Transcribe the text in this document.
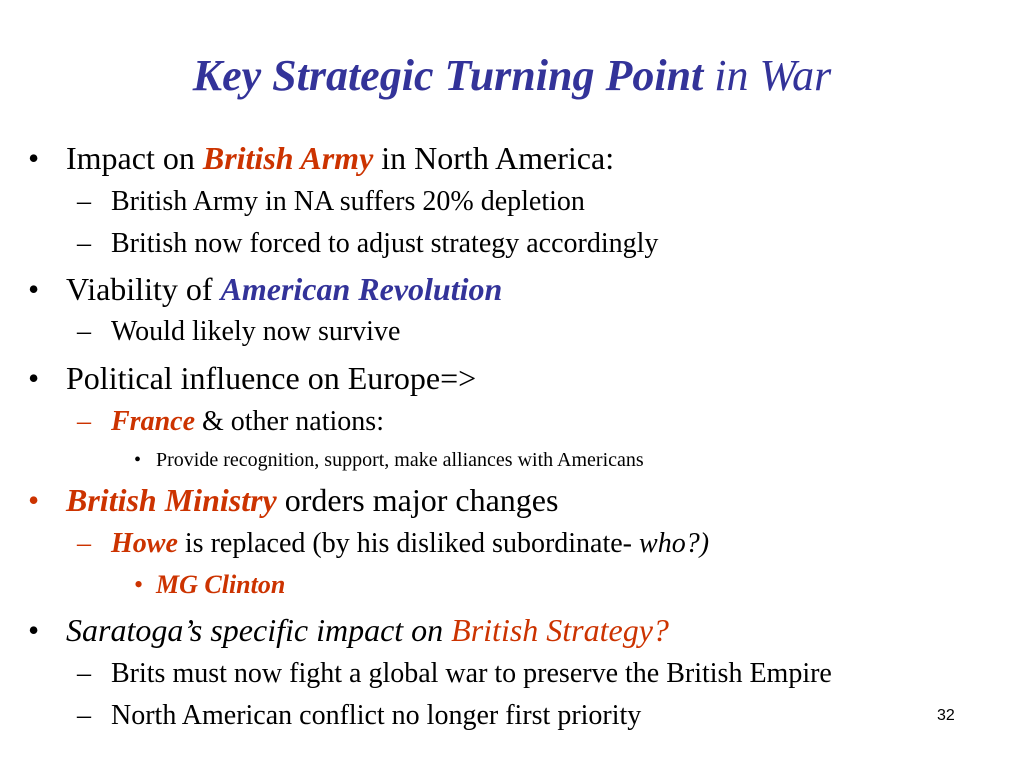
Key Strategic Turning Point in War
• Impact on British Army in North America:
– British Army in NA suffers 20% depletion
– British now forced to adjust strategy accordingly
• Viability of American Revolution
– Would likely now survive
• Political influence on Europe=>
– France & other nations:
• Provide recognition, support, make alliances with Americans
• British Ministry orders major changes
– Howe is replaced (by his disliked subordinate- who?)
• MG Clinton
• Saratoga’s specific impact on British Strategy?
– Brits must now fight a global war to preserve the British Empire
– North American conflict no longer first priority	32
